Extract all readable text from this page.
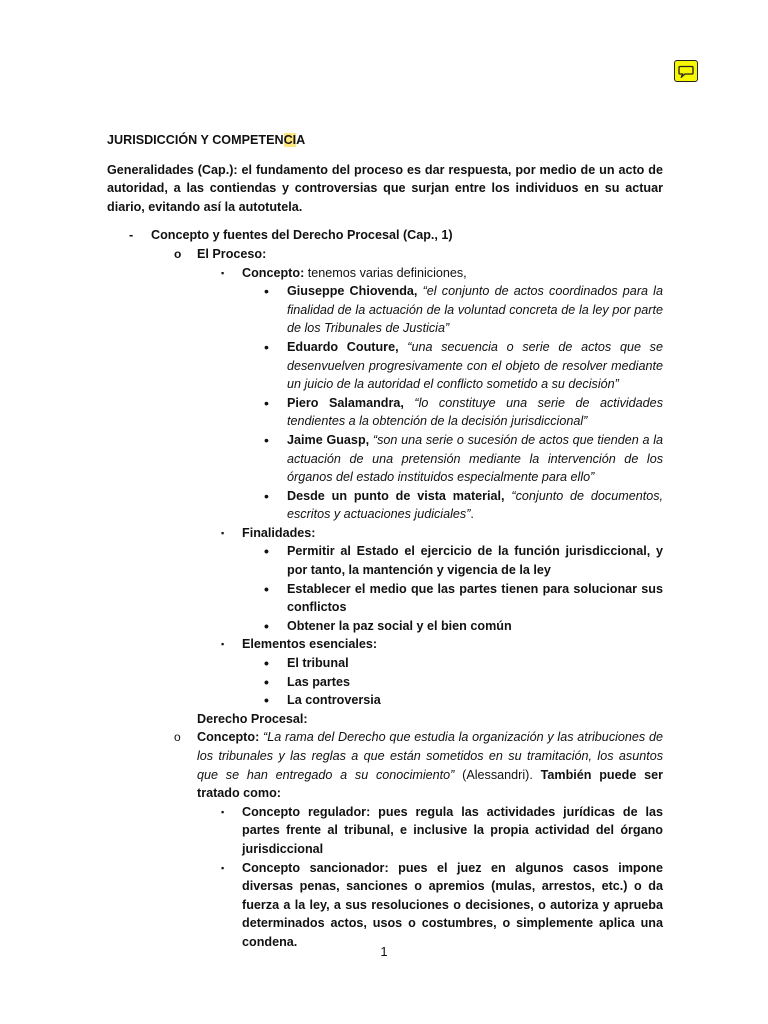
JURISDICCIÓN Y COMPETENCIA

Generalidades (Cap.): el fundamento del proceso es dar respuesta, por medio de un acto de autoridad, a las contiendas y controversias que surjan entre los individuos en su actuar diario, evitando así la autotutela.

- Concepto y fuentes del Derecho Procesal (Cap., 1)
o El Proceso:
▪ Concepto: tenemos varias definiciones,
• Giuseppe Chiovenda, “el conjunto de actos coordinados para la finalidad de la actuación de la voluntad concreta de la ley por parte de los Tribunales de Justicia”
• Eduardo Couture, “una secuencia o serie de actos que se desenvuelven progresivamente con el objeto de resolver mediante un juicio de la autoridad el conflicto sometido a su decisión”
• Piero Salamandra, “lo constituye una serie de actividades tendientes a la obtención de la decisión jurisdiccional”
• Jaime Guasp, “son una serie o sucesión de actos que tienden a la actuación de una pretensión mediante la intervención de los órganos del estado instituidos especialmente para ello”
• Desde un punto de vista material, “conjunto de documentos, escritos y actuaciones judiciales”.
▪ Finalidades:
• Permitir al Estado el ejercicio de la función jurisdiccional, y por tanto, la mantención y vigencia de la ley
• Establecer el medio que las partes tienen para solucionar sus conflictos
• Obtener la paz social y el bien común
▪ Elementos esenciales:
• El tribunal
• Las partes
• La controversia
Derecho Procesal:
o Concepto: “La rama del Derecho que estudia la organización y las atribuciones de los tribunales y las reglas a que están sometidos en su tramitación, los asuntos que se han entregado a su conocimiento” (Alessandri). También puede ser tratado como:
▪ Concepto regulador: pues regula las actividades jurídicas de las partes frente al tribunal, e inclusive la propia actividad del órgano jurisdiccional
▪ Concepto sancionador: pues el juez en algunos casos impone diversas penas, sanciones o apremios (mulas, arrestos, etc.) o da fuerza a la ley, a sus resoluciones o decisiones, o autoriza y aprueba determinados actos, usos o costumbres, o simplemente aplica una condena.
1
